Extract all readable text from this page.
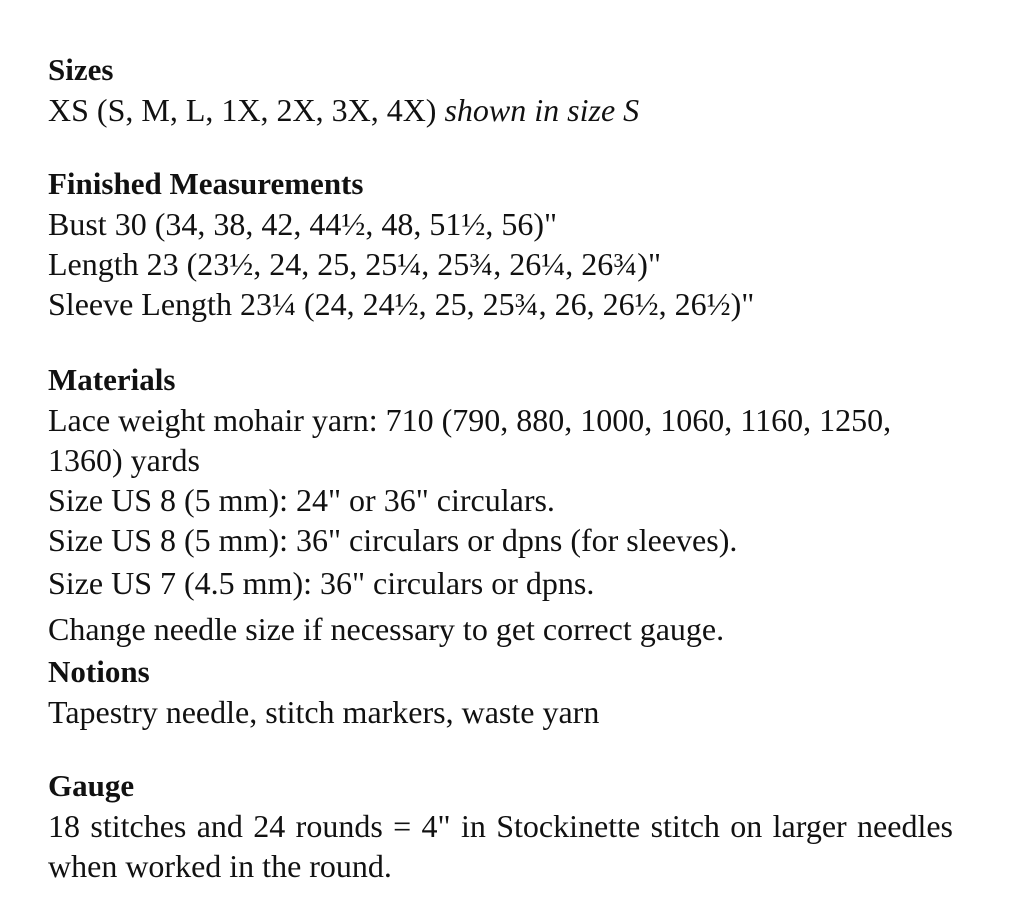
Sizes

XS (S, M, L, 1X, 2X, 3X, 4X) shown in size S

Finished Measurements

Bust 30 (34, 38, 42, 44½, 48, 51½, 56)"

Length 23 (23½, 24, 25, 25¼, 25¾, 26¼, 26¾)"

Sleeve Length 23¼ (24, 24½, 25, 25¾, 26, 26½, 26½)"

Materials

Lace weight mohair yarn: 710 (790, 880, 1000, 1060, 1160, 1250, 1360) yards

Size US 8 (5 mm): 24" or 36" circulars.

Size US 8 (5 mm): 36" circulars or dpns (for sleeves).

Size US 7 (4.5 mm): 36" circulars or dpns.

Change needle size if necessary to get correct gauge.

Notions

Tapestry needle, stitch markers, waste yarn

Gauge

18 stitches and 24 rounds = 4" in Stockinette stitch on larger needles when worked in the round.
